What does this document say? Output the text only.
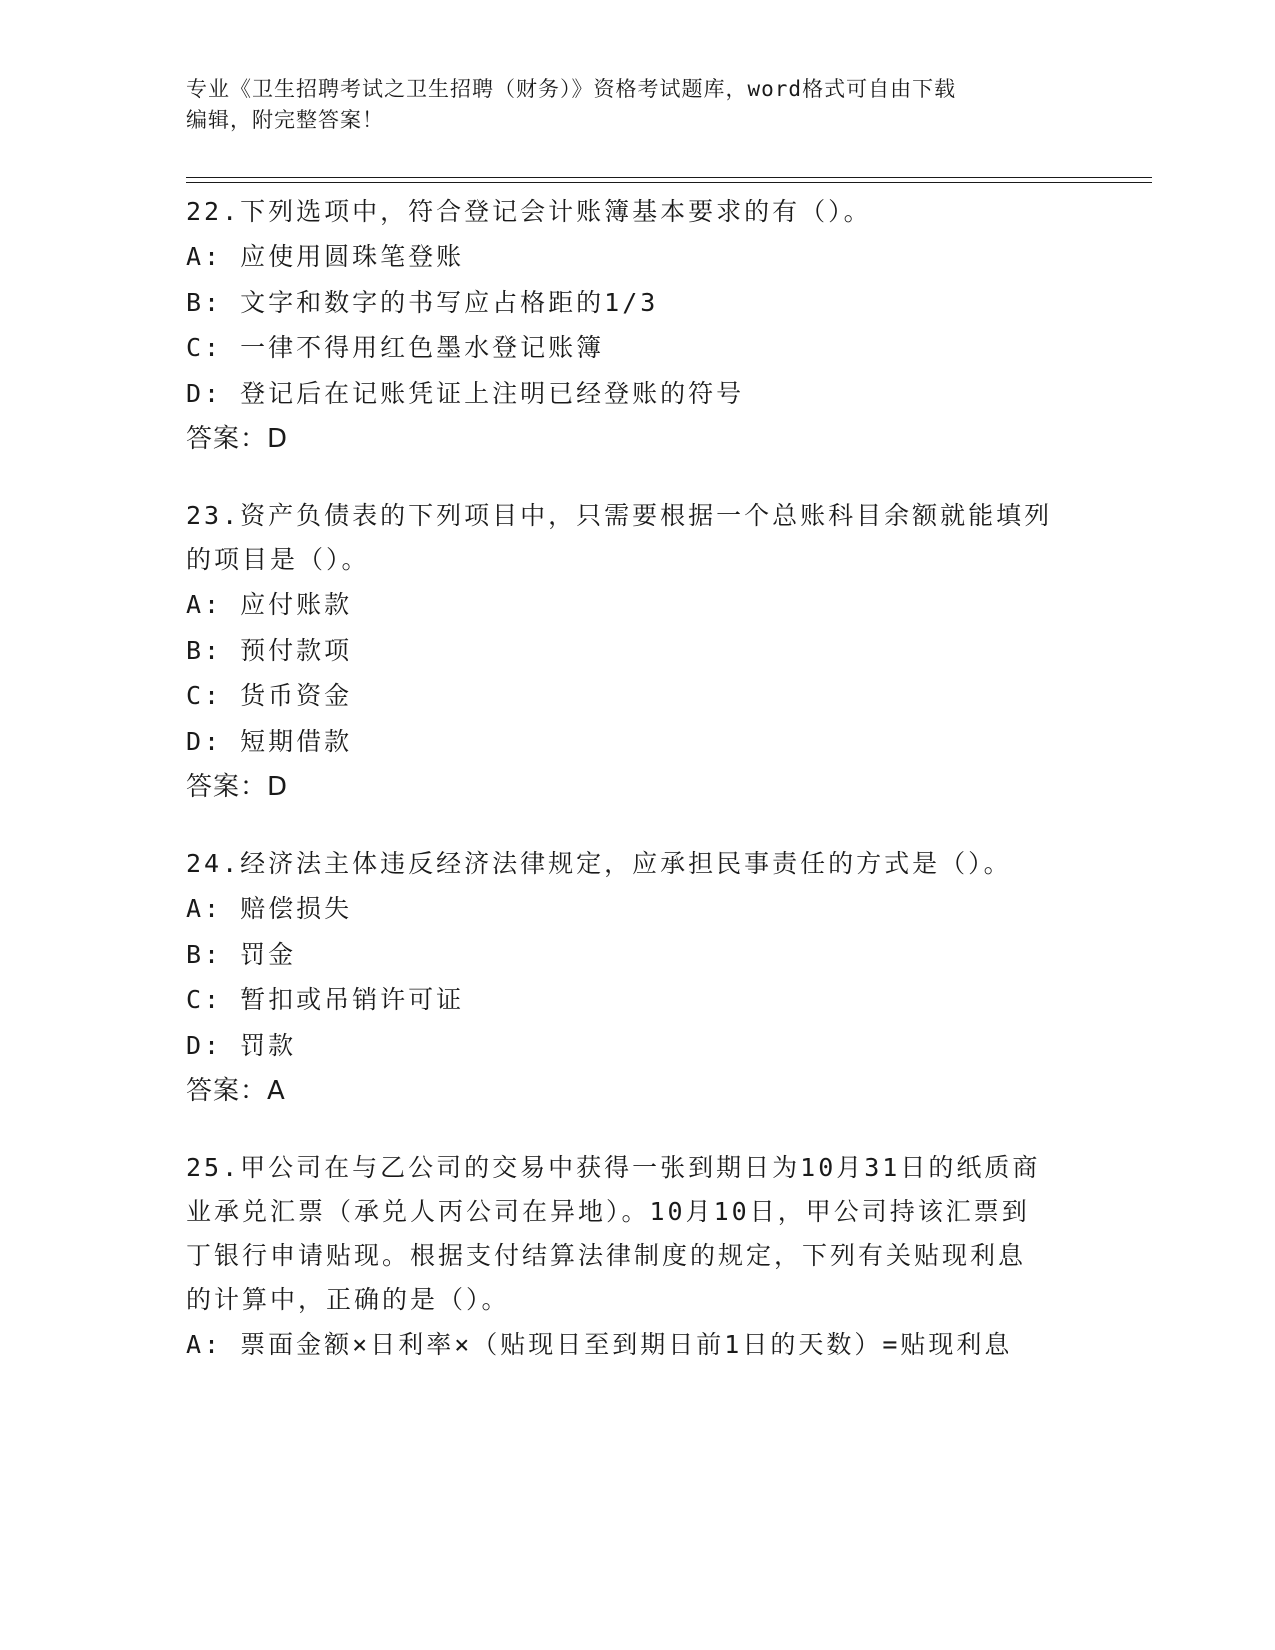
专业《卫生招聘考试之卫生招聘（财务）》资格考试题库，word格式可自由下载
编辑，附完整答案！

22.下列选项中，符合登记会计账簿基本要求的有（）。

A: 应使用圆珠笔登账

B: 文字和数字的书写应占格距的1/3

C: 一律不得用红色墨水登记账簿

D: 登记后在记账凭证上注明已经登账的符号

答案：D

23.资产负债表的下列项目中，只需要根据一个总账科目余额就能填列

的项目是（）。

A: 应付账款

B: 预付款项

C: 货币资金

D: 短期借款

答案：D

24.经济法主体违反经济法律规定，应承担民事责任的方式是（）。

A: 赔偿损失

B: 罚金

C: 暂扣或吊销许可证

D: 罚款

答案：A

25.甲公司在与乙公司的交易中获得一张到期日为10月31日的纸质商

业承兑汇票（承兑人丙公司在异地）。10月10日，甲公司持该汇票到

丁银行申请贴现。根据支付结算法律制度的规定，下列有关贴现利息

的计算中，正确的是（）。

A: 票面金额×日利率×（贴现日至到期日前1日的天数）=贴现利息
